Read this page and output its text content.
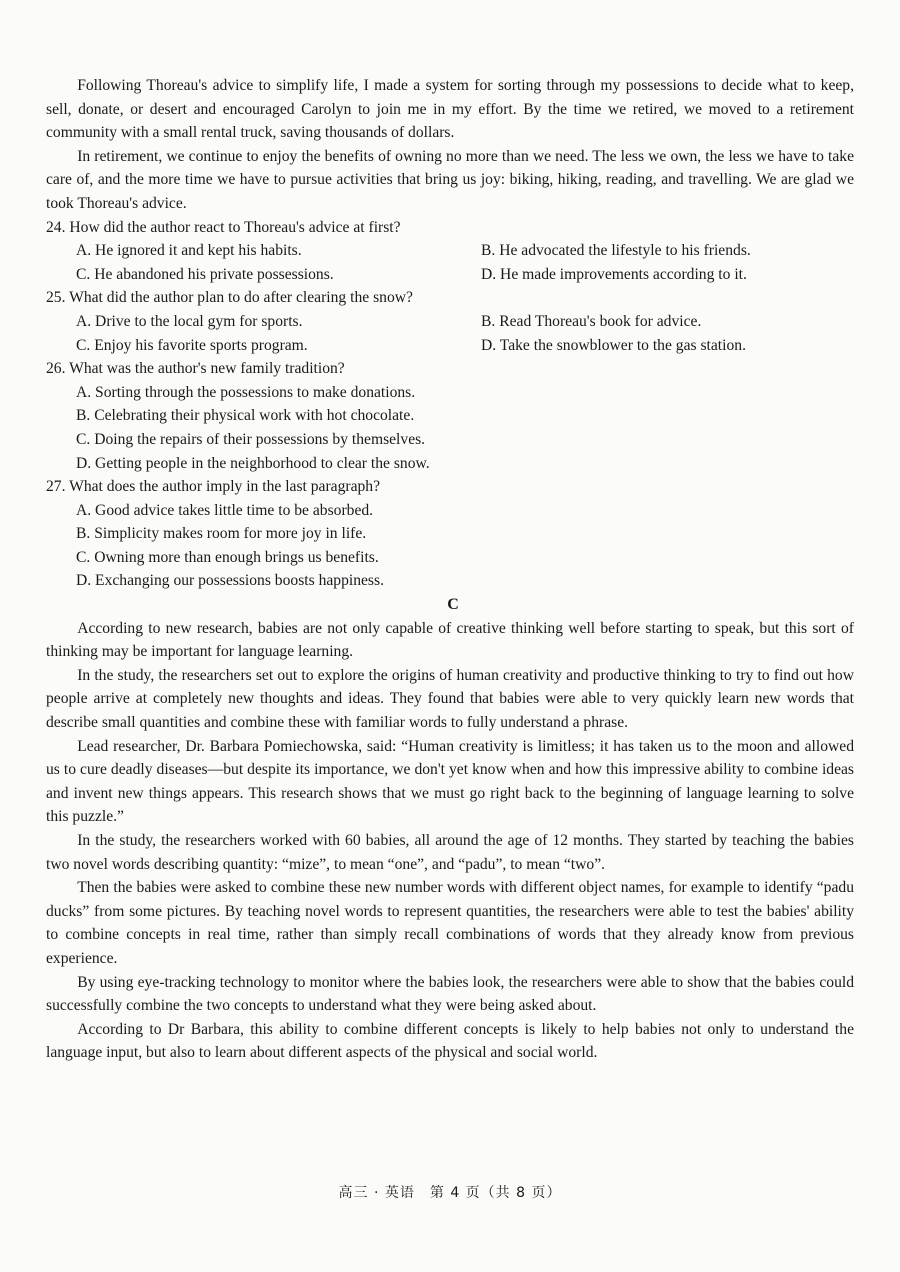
Following Thoreau's advice to simplify life, I made a system for sorting through my possessions to decide what to keep, sell, donate, or desert and encouraged Carolyn to join me in my effort. By the time we retired, we moved to a retirement community with a small rental truck, saving thousands of dollars.

In retirement, we continue to enjoy the benefits of owning no more than we need. The less we own, the less we have to take care of, and the more time we have to pursue activities that bring us joy: biking, hiking, reading, and travelling. We are glad we took Thoreau's advice.

24. How did the author react to Thoreau's advice at first?

A. He ignored it and kept his habits.	B. He advocated the lifestyle to his friends.

C. He abandoned his private possessions.	D. He made improvements according to it.

25. What did the author plan to do after clearing the snow?

A. Drive to the local gym for sports.	B. Read Thoreau's book for advice.

C. Enjoy his favorite sports program.	D. Take the snowblower to the gas station.

26. What was the author's new family tradition?

A. Sorting through the possessions to make donations.

B. Celebrating their physical work with hot chocolate.

C. Doing the repairs of their possessions by themselves.

D. Getting people in the neighborhood to clear the snow.

27. What does the author imply in the last paragraph?

A. Good advice takes little time to be absorbed.

B. Simplicity makes room for more joy in life.

C. Owning more than enough brings us benefits.

D. Exchanging our possessions boosts happiness.

C

According to new research, babies are not only capable of creative thinking well before starting to speak, but this sort of thinking may be important for language learning.

In the study, the researchers set out to explore the origins of human creativity and productive thinking to try to find out how people arrive at completely new thoughts and ideas. They found that babies were able to very quickly learn new words that describe small quantities and combine these with familiar words to fully understand a phrase.

Lead researcher, Dr. Barbara Pomiechowska, said: “Human creativity is limitless; it has taken us to the moon and allowed us to cure deadly diseases—but despite its importance, we don't yet know when and how this impressive ability to combine ideas and invent new things appears. This research shows that we must go right back to the beginning of language learning to solve this puzzle.”

In the study, the researchers worked with 60 babies, all around the age of 12 months. They started by teaching the babies two novel words describing quantity: “mize”, to mean “one”, and “padu”, to mean “two”.

Then the babies were asked to combine these new number words with different object names, for example to identify “padu ducks” from some pictures. By teaching novel words to represent quantities, the researchers were able to test the babies' ability to combine concepts in real time, rather than simply recall combinations of words that they already know from previous experience.

By using eye-tracking technology to monitor where the babies look, the researchers were able to show that the babies could successfully combine the two concepts to understand what they were being asked about.

According to Dr Barbara, this ability to combine different concepts is likely to help babies not only to understand the language input, but also to learn about different aspects of the physical and social world.

高三 · 英语　第 4 页（共 8 页）
